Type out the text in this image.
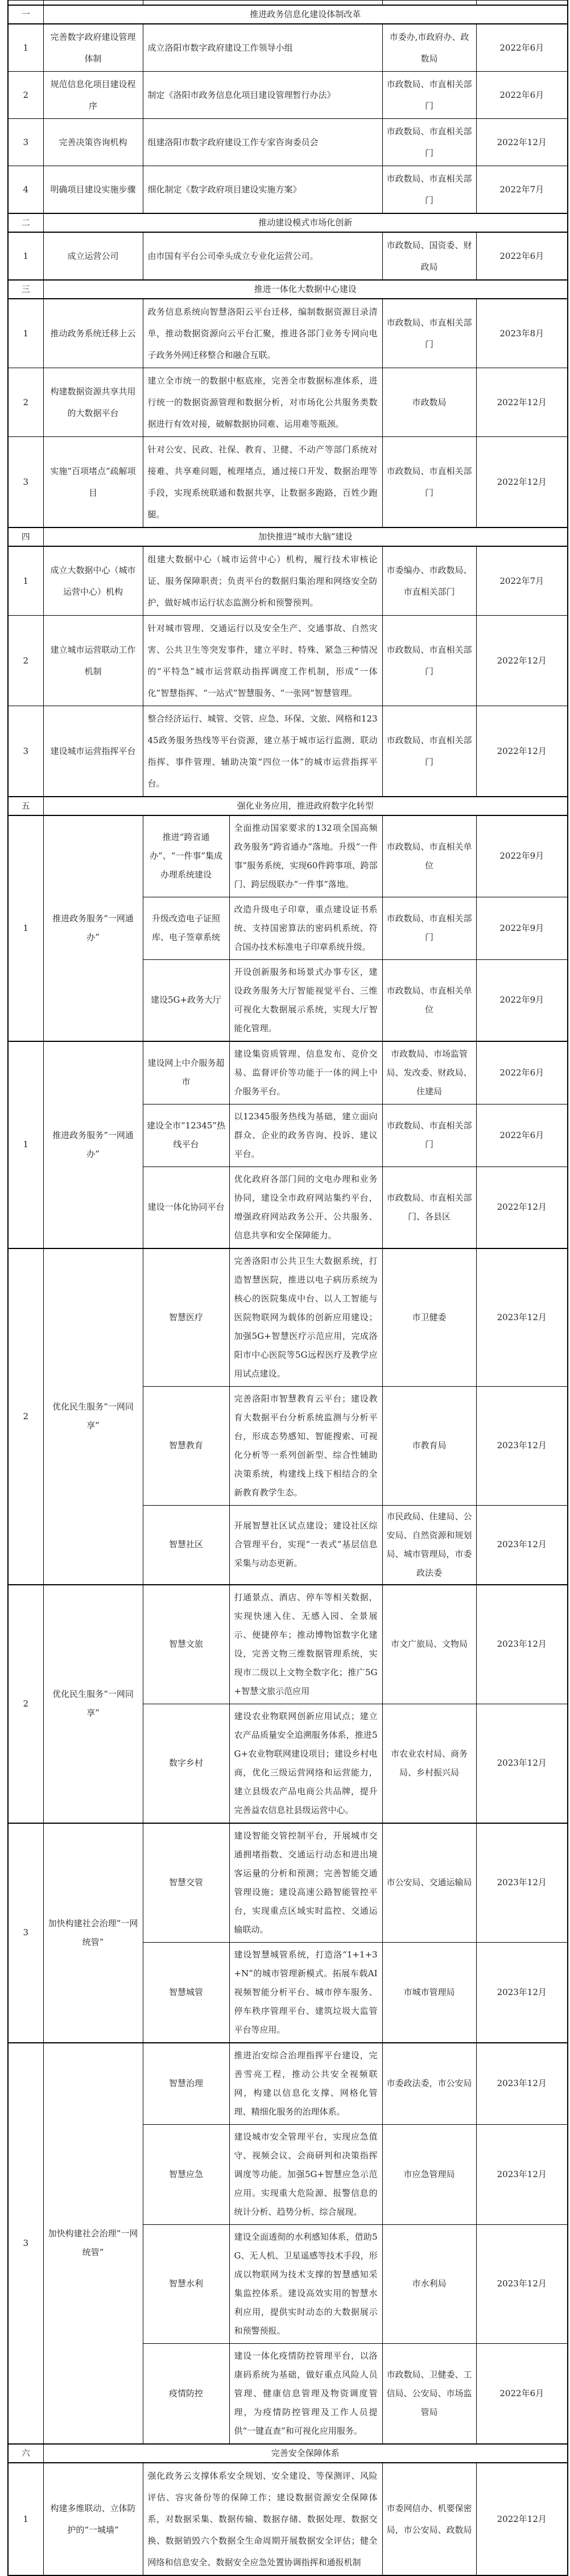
一	推进政务信息化建设体制改革				
1	完善数字政府建设管理体制	成立洛阳市数字政府建设工作领导小组		市委办,市政府办、政数局	2022年6月
2	规范信息化项目建设程序	制定《洛阳市政务信息化项目建设管理暂行办法》		市政数局、市直相关部门	2022年6月
3	完善决策咨询机构	组建洛阳市数字政府建设工作专家咨询委员会		市政数局、市直相关部门	2022年12月
4	明确项目建设实施步骤	细化制定《数字政府项目建设实施方案》		市政数局、市直相关部门	2022年7月
二	推动建设模式市场化创新				
1	成立运营公司	由市国有平台公司牵头成立专业化运营公司。		市政数局、国资委、财政局	2022年6月
三	推进一体化大数据中心建设				
1	推动政务系统迁移上云	政务信息系统向智慧洛阳云平台迁移，编制数据资源目录清单，推动数据资源向云平台汇聚，推进各部门业务专网向电子政务外网迁移整合和融合互联。		市政数局、市直相关部门	2023年8月
2	构建数据资源共享共用的大数据平台	建立全市统一的数据中枢底座，完善全市数据标准体系，进行统一的数据资源管理和数据分析，对市场化公共服务类数据进行有效对接，破解数据协同难、运用难等瓶颈。		市政数局	2022年12月
3	实施“百项堵点”疏解项目	针对公安、民政、社保、教育、卫健、不动产等部门系统对接难、共享难问题，梳理堵点，通过接口开发、数据治理等手段，实现系统联通和数据共享，让数据多跑路，百姓少跑腿。		市政数局、市直相关部门	2022年12月
四	加快推进“城市大脑”建设				
1	成立大数据中心（城市运营中心）机构	组建大数据中心（城市运营中心）机构，履行技术审核论证、服务保障职责；负责平台的数据归集治理和网络安全防护，做好城市运行状态监测分析和预警预判。		市委编办、市政数局、市直相关部门	2022年7月
2	建立城市运营联动工作机制	针对城市管理、交通运行以及安全生产、交通事故、自然灾害、公共卫生等突发事件，建立平时、特殊、紧急三种情况的“平特急”城市运营联动指挥调度工作机制，形成“一体化”智慧指挥、“一站式”智慧服务、“一张网”智慧管理。		市政数局、市直相关部门	2022年12月
3	建设城市运营指挥平台	整合经济运行、城管、交管、应急、环保、文旅、网格和12345政务服务热线等平台资源，建立基于城市运行监测、联动指挥、事件管理、辅助决策“四位一体”的城市运营指挥平台。		市政数局、市直相关部门	2022年12月
五	强化业务应用，推进政府数字化转型				
1	推进政务服务“一网通办”	推进“跨省通办”、“一件事”集成办理系统建设	全面推动国家要求的132项全国高频政务服务“跨省通办”落地。升级“一件事”服务系统，实现60件跨事项、跨部门、跨层级联办“一件事”落地。	市政数局、市直相关单位	2022年9月
		升级改造电子证照库、电子签章系统	改造升级电子印章，重点建设证书系统、支持国密算法的密码机系统、符合国办技术标准电子印章系统升级。	市政数局、市直相关部门	2022年9月
		建设5G+政务大厅	开设创新服务和场景式办事专区，建设政务服务大厅智能视觉平台、三维可视化大数据展示系统，实现大厅智能化管理。	市政数局、市直相关单位	2022年9月
1	推进政务服务“一网通办”	建设网上中介服务超市	建设集资质管理、信息发布、竞价交易、监督评价等功能于一体的网上中介服务平台。	市政数局、市场监管局、发改委、财政局、住建局	2022年6月
		建设全市“12345”热线平台	以12345服务热线为基础，建立面向群众、企业的政务咨询、投诉、建议平台。	市政数局、市直相关部门	2022年6月
		建设一体化协同平台	优化政府各部门间的文电办理和业务协同，建设全市政府网站集约平台，增强政府网站政务公开、公共服务、信息共享和安全保障能力。	市政数局、市直相关部门、各县区	2022年12月
2	优化民生服务“一网同享”	智慧医疗	完善洛阳市公共卫生大数据系统，打造智慧医院，推进以电子病历系统为核心的医院集成中台、以人工智能与医院物联网为载体的创新应用建设；加强5G+智慧医疗示范应用，完成洛阳市中心医院等5G远程医疗及教学应用试点建设。	市卫健委	2023年12月
		智慧教育	完善洛阳市智慧教育云平台；建设教育大数据平台分析系统监测与分析平台，形成态势感知、智能搜索、可视化分析等一系列创新型、综合性辅助决策系统，构建线上线下相结合的全新教育教学生态。	市教育局	2023年12月
		智慧社区	开展智慧社区试点建设；建设社区综合管理平台，实现“一表式”基层信息采集与动态更新。	市民政局、住建局、公安局、自然资源和规划局、城市管理局，市委政法委	2023年12月
2	优化民生服务“一网同享”	智慧文旅	打通景点、酒店、停车等相关数据，实现快速入住、无感入园、全景展示、便捷停车；推动博物馆数字化建设，完善文物三维数据管理系统，实现市二级以上文物全数字化；推广5G+智慧文旅示范应用	市文广旅局、文物局	2023年12月
		数字乡村	建设农业物联网创新应用试点；建立农产品质量安全追溯服务体系，推进5G+农业物联网建设项目；建设乡村电商，优化三级运营网络和运营能力，建立县级农产品电商公共品牌，提升完善益农信息社县级运营中心。	市农业农村局、商务局、乡村振兴局	2023年12月
3	加快构建社会治理“一网统管”	智慧交管	建设智能交管控制平台，开展城市交通拥堵指数、交通运行动态和进出境客运量的分析和预测；完善智能交通管理设施；建设高速公路智能管控平台，实现重点区域实时监控、交通运输联动。	市公安局、交通运输局	2023年12月
		智慧城管	建设智慧城管系统，打造洛“1+1+3+N”的城市管理新模式。拓展车载AI视频智能分析平台、城市停车服务、停车秩序管理平台、建筑垃圾大监管平台等应用。	市城市管理局	2023年12月
3	加快构建社会治理“一网统管”	智慧治理	推进治安综合治理指挥平台建设，完善雪亮工程，推动公共安全视频联网，构建以信息化支撑、网格化管理、精细化服务的治理体系。	市委政法委，市公安局	2023年12月
		智慧应急	建设城市安全管理平台，实现应急值守、视频会议、会商研判和决策指挥调度等功能。加强5G+智慧应急示范应用。实现重大危险源、报警信息的统计分析、趋势分析、综合展现。	市应急管理局	2023年12月
		智慧水利	建设全面透彻的水利感知体系，借助5G、无人机、卫星遥感等技术手段，形成以物联网为技术支撑的智慧感知采集监控体系。建设高效实用的智慧水利应用，提供实时动态的大数据展示和预警预报。	市水利局	2023年12月
		疫情防控	建设一体化疫情防控管理平台，以洛康码系统为基础，做好重点风险人员管理、健康信息管理及物资调度管理，为疫情防控管理及工作人员提供“一键直查”和可视化应用服务。	市政数局、卫健委、工信局、公安局、市场监管局	2022年6月
六	完善安全保障体系				
1	构建多维联动、立体防护的“一城墙”	强化政务云支撑体系安全规划、安全建设、等保测评、风险评估、容灾备份等的保障工作；建设数据资源安全保障体系，对数据采集、数据传输、数据存储、数据处理、数据交换、数据销毁六个数据全生命周期开展数据安全评估；健全网络和信息安全、数据安全应急处置协调指挥和通报机制		市委网信办、机要保密局，市公安局、政数局	2022年12月
